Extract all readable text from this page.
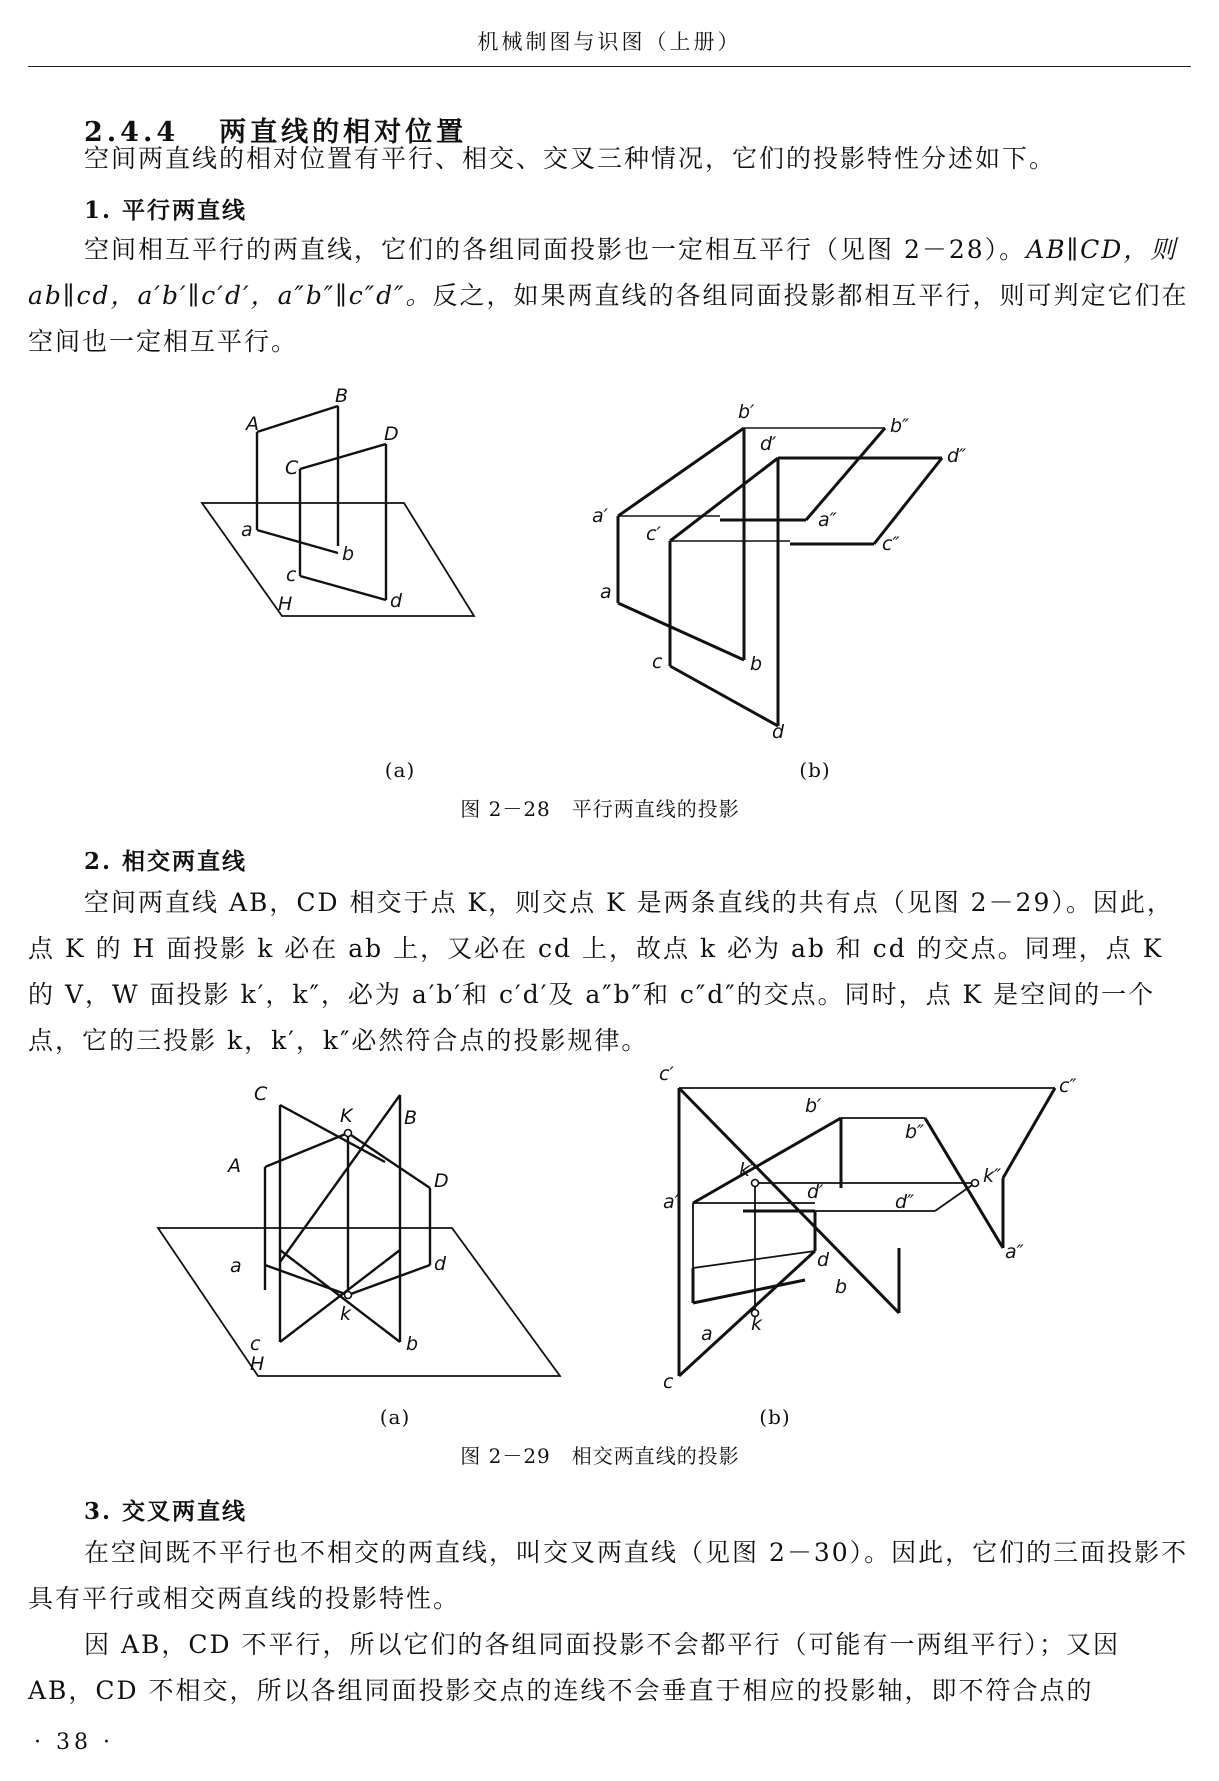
机械制图与识图（上册）
2.4.4 两直线的相对位置
空间两直线的相对位置有平行、相交、交叉三种情况，它们的投影特性分述如下。
1. 平行两直线
空间相互平行的两直线，它们的各组同面投影也一定相互平行（见图 2－28）。AB∥CD，则 ab∥cd，a′b′∥c′d′，a″b″∥c″d″。反之，如果两直线的各组同面投影都相互平行，则可判定它们在空间也一定相互平行。
B
A	D
C
a
b
c
d
H
b′
b″
d′
d″
a′	a″
c′	c″
a
b
c
d
(a)	(b)
图 2－28　平行两直线的投影
2. 相交两直线
空间两直线 AB，CD 相交于点 K，则交点 K 是两条直线的共有点（见图 2－29）。因此，点 K 的 H 面投影 k 必在 ab 上，又必在 cd 上，故点 k 必为 ab 和 cd 的交点。同理，点 K 的 V，W 面投影 k′，k″，必为 a′b′和 c′d′及 a″b″和 c″d″的交点。同时，点 K 是空间的一个点，它的三投影 k，k′，k″必然符合点的投影规律。
C
K	B
A
D
a	d
c
k
b
H
c′
c″
b′
b″
k′	k″
d′	d″
a′
a″
d
b
a k
c
(a)	(b)
图 2－29　相交两直线的投影
3. 交叉两直线
在空间既不平行也不相交的两直线，叫交叉两直线（见图 2－30）。因此，它们的三面投影不具有平行或相交两直线的投影特性。
因 AB，CD 不平行，所以它们的各组同面投影不会都平行（可能有一两组平行）；又因 AB，CD 不相交，所以各组同面投影交点的连线不会垂直于相应的投影轴，即不符合点的
· 38 ·
